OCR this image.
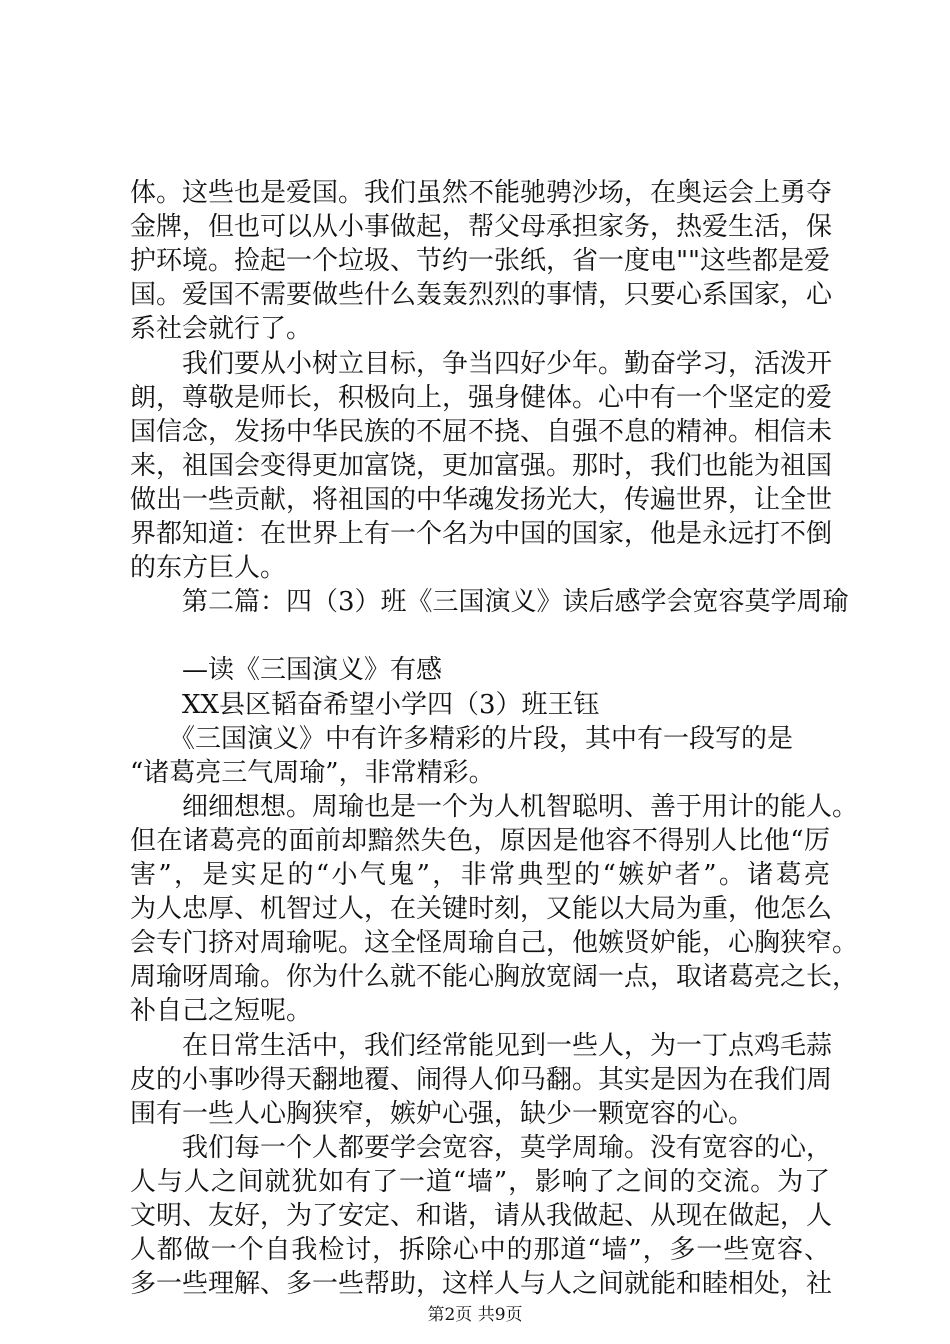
体。这些也是爱国。我们虽然不能驰骋沙场，在奥运会上勇夺
金牌，但也可以从小事做起，帮父母承担家务，热爱生活，保
护环境。捡起一个垃圾、节约一张纸，省一度电""这些都是爱
国。爱国不需要做些什么轰轰烈烈的事情，只要心系国家，心
系社会就行了。
　　我们要从小树立目标，争当四好少年。勤奋学习，活泼开
朗，尊敬是师长，积极向上，强身健体。心中有一个坚定的爱
国信念，发扬中华民族的不屈不挠、自强不息的精神。相信未
来，祖国会变得更加富饶，更加富强。那时，我们也能为祖国
做出一些贡献，将祖国的中华魂发扬光大，传遍世界，让全世
界都知道：在世界上有一个名为中国的国家，他是永远打不倒
的东方巨人。
　　第二篇：四（3）班《三国演义》读后感学会宽容莫学周瑜
　　—读《三国演义》有感
　　XX县区韬奋希望小学四（3）班王钰
　　《三国演义》中有许多精彩的片段，其中有一段写的是
“诸葛亮三气周瑜”，非常精彩。
　　细细想想。周瑜也是一个为人机智聪明、善于用计的能人。
但在诸葛亮的面前却黯然失色，原因是他容不得别人比他“厉
害”，是实足的“小气鬼”，非常典型的“嫉妒者”。诸葛亮
为人忠厚、机智过人，在关键时刻，又能以大局为重，他怎么
会专门挤对周瑜呢。这全怪周瑜自己，他嫉贤妒能，心胸狭窄。
周瑜呀周瑜。你为什么就不能心胸放宽阔一点，取诸葛亮之长，
补自己之短呢。
　　在日常生活中，我们经常能见到一些人，为一丁点鸡毛蒜
皮的小事吵得天翻地覆、闹得人仰马翻。其实是因为在我们周
围有一些人心胸狭窄，嫉妒心强，缺少一颗宽容的心。
　　我们每一个人都要学会宽容，莫学周瑜。没有宽容的心，
人与人之间就犹如有了一道“墙”，影响了之间的交流。为了
文明、友好，为了安定、和谐，请从我做起、从现在做起，人
人都做一个自我检讨，拆除心中的那道“墙”，多一些宽容、
多一些理解、多一些帮助，这样人与人之间就能和睦相处，社
第2页 共9页
